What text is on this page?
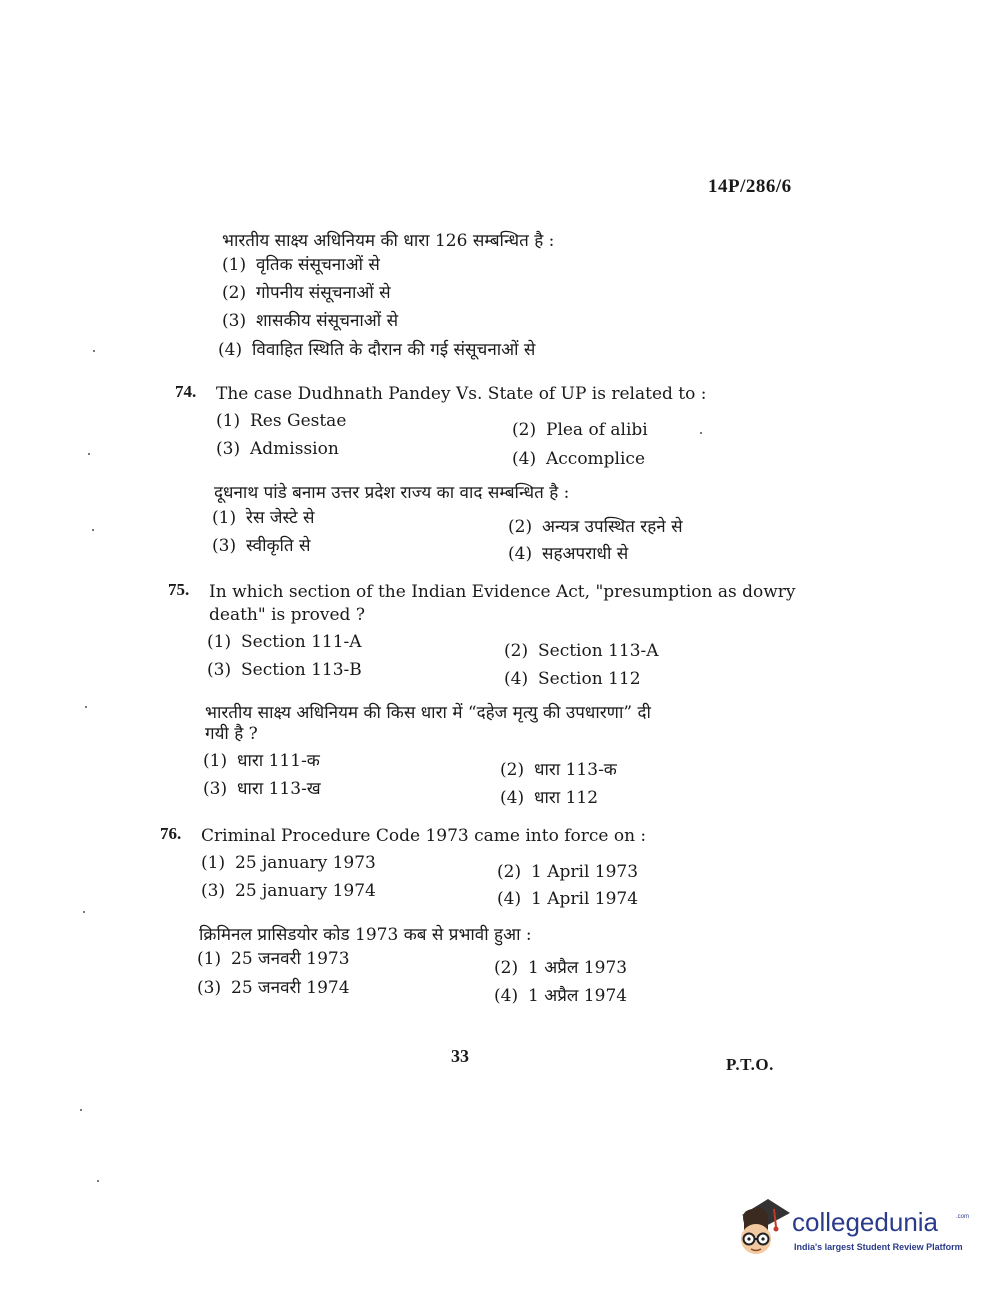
14P/286/6
भारतीय साक्ष्य अधिनियम की धारा 126 सम्बन्धित है :
(1) वृतिक संसूचनाओं से
(2) गोपनीय संसूचनाओं से
(3) शासकीय संसूचनाओं से
(4) विवाहित स्थिति के दौरान की गई संसूचनाओं से
74. The case Dudhnath Pandey Vs. State of UP is related to :
(1) Res Gestae	(2) Plea of alibi
(3) Admission	(4) Accomplice
दूधनाथ पांडे बनाम उत्तर प्रदेश राज्य का वाद सम्बन्धित है :
(1) रेस जेस्टे से	(2) अन्यत्र उपस्थित रहने से
(3) स्वीकृति से	(4) सहअपराधी से
75. In which section of the Indian Evidence Act, "presumption as dowry
death" is proved ?
(1) Section 111-A	(2) Section 113-A
(3) Section 113-B	(4) Section 112
भारतीय साक्ष्य अधिनियम की किस धारा में “दहेज मृत्यु की उपधारणा” दी
गयी है ?
(1) धारा 111-क	(2) धारा 113-क
(3) धारा 113-ख	(4) धारा 112
76. Criminal Procedure Code 1973 came into force on :
(1) 25 january 1973	(2) 1 April 1973
(3) 25 january 1974	(4) 1 April 1974
क्रिमिनल प्रासिडयोर कोड 1973 कब से प्रभावी हुआ :
(1) 25 जनवरी 1973	(2) 1 अप्रैल 1973
(3) 25 जनवरी 1974	(4) 1 अप्रैल 1974
33	P.T.O.
collegedunia	.com
India's largest Student Review Platform
